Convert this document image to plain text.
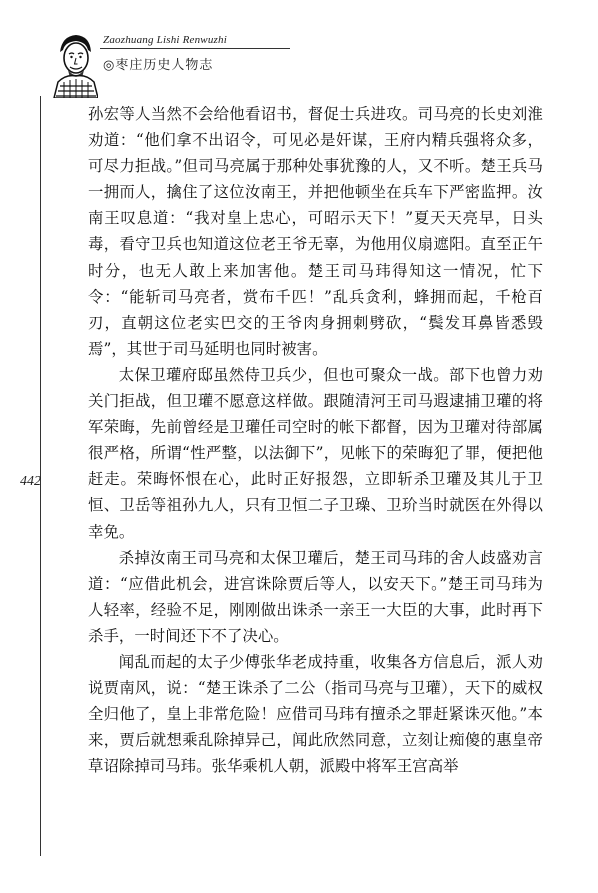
Zaozhuang Lishi Renwuzhi
◎枣庄历史人物志
442

孙宏等人当然不会给他看诏书，督促士兵进攻。司马亮的长史刘淮劝道：“他们拿不出诏令，可见必是奸谋，王府内精兵强将众多，可尽力拒战。”但司马亮属于那种处事犹豫的人，又不听。楚王兵马一拥而人，擒住了这位汝南王，并把他顿坐在兵车下严密监押。汝南王叹息道：“我对皇上忠心，可昭示天下！”夏天天亮早，日头毒，看守卫兵也知道这位老王爷无辜，为他用仪扇遮阳。直至正午时分，也无人敢上来加害他。楚王司马玮得知这一情况，忙下令：“能斩司马亮者，赏布千匹！”乱兵贪利，蜂拥而起，千枪百刃，直朝这位老实巴交的王爷肉身拥刺劈砍，“鬓发耳鼻皆悉毁焉”，其世于司马延明也同时被害。

太保卫瓘府邸虽然侍卫兵少，但也可聚众一战。部下也曾力劝关门拒战，但卫瓘不愿意这样做。跟随清河王司马遐逮捕卫瓘的将军荣晦，先前曾经是卫瓘任司空时的帐下都督，因为卫瓘对待部属很严格，所谓“性严整，以法御下”，见帐下的荣晦犯了罪，便把他赶走。荣晦怀恨在心，此时正好报怨，立即斩杀卫瓘及其儿于卫恒、卫岳等祖孙九人，只有卫恒二子卫璪、卫玠当时就医在外得以幸免。

杀掉汝南王司马亮和太保卫瓘后，楚王司马玮的舍人歧盛劝言道：“应借此机会，进宫诛除贾后等人，以安天下。”楚王司马玮为人轻率，经验不足，刚刚做出诛杀一亲王一大臣的大事，此时再下杀手，一时间还下不了决心。

闻乱而起的太子少傅张华老成持重，收集各方信息后，派人劝说贾南风，说：“楚王诛杀了二公（指司马亮与卫瓘），天下的威权全归他了，皇上非常危险！应借司马玮有擅杀之罪赶紧诛灭他。”本来，贾后就想乘乱除掉异己，闻此欣然同意，立刻让痴傻的惠皇帝草诏除掉司马玮。张华乘机人朝，派殿中将军王宫高举
